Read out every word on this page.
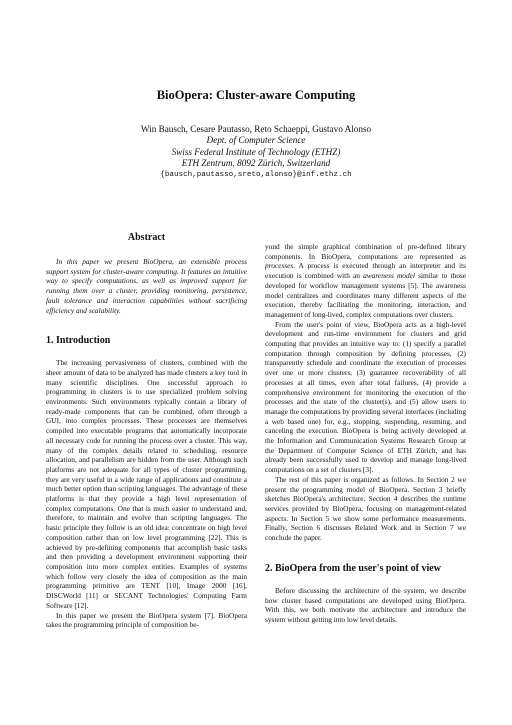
BioOpera: Cluster-aware Computing
Win Bausch, Cesare Pautasso, Reto Schaeppi, Gustavo Alonso
Dept. of Computer Science
Swiss Federal Institute of Technology (ETHZ)
ETH Zentrum, 8092 Zürich, Switzerland
{bausch,pautasso,sreto,alonso}@inf.ethz.ch
Abstract

In this paper we present BioOpera, an extensible process support system for cluster-aware computing. It features an intuitive way to specify computations, as well as improved support for running them over a cluster, providing monitoring, persistence, fault tolerance and interaction capabilities without sacrificing efficiency and scalability.

1. Introduction

The increasing pervasiveness of clusters, combined with the sheer amount of data to be analyzed has made clusters a key tool in many scientific disciplines. One successful approach to programming in clusters is to use specialized problem solving environments. Such environments typically contain a library of ready-made components that can be combined, often through a GUI, into complex processes. These processes are themselves compiled into executable programs that automatically incorporate all necessary code for running the process over a cluster. This way, many of the complex details related to scheduling, resource allocation, and parallelism are hidden from the user. Although such platforms are not adequate for all types of cluster programming, they are very useful in a wide range of applications and constitute a much better option than scripting languages. The advantage of these platforms is that they provide a high level representation of complex computations. One that is much easier to understand and, therefore, to maintain and evolve than scripting languages. The basic principle they follow is an old idea: concentrate on high level composition rather than on low level programming [22]. This is achieved by pre-defining components that accomplish basic tasks and then providing a development environment supporting their composition into more complex entities. Examples of systems which follow very closely the idea of composition as the main programming primitive are TENT [10], Image 2000 [16], DISCWorld [11] or SECANT Technologies' Computing Farm Software [12].

In this paper we present the BioOpera system [7]. BioOpera takes the programming principle of composition be-

yond the simple graphical combination of pre-defined library components. In BioOpera, computations are represented as processes. A process is executed through an interpreter and its execution is combined with an awareness model similar to those developed for workflow management systems [5]. The awareness model centralizes and coordinates many different aspects of the execution, thereby facilitating the monitoring, interaction, and management of long-lived, complex computations over clusters.

From the user's point of view, BioOpera acts as a high-level development and run-time environment for clusters and grid computing that provides an intuitive way to: (1) specify a parallel computation through composition by defining processes, (2) transparently schedule and coordinate the execution of processes over one or more clusters, (3) guarantee recoverability of all processes at all times, even after total failures, (4) provide a comprehensive environment for monitoring the execution of the processes and the state of the cluster(s), and (5) allow users to manage the computations by providing several interfaces (including a web based one) for, e.g., stopping, suspending, resuming, and canceling the execution. BioOpera is being actively developed at the Information and Communication Systems Research Group at the Department of Computer Science of ETH Zürich, and has already been successfully used to develop and manage long-lived computations on a set of clusters [3].

The rest of this paper is organized as follows. In Section 2 we present the programming model of BioOpera. Section 3 briefly sketches BioOpera's architecture. Section 4 describes the runtime services provided by BioOpera, focusing on management-related aspects. In Section 5 we show some performance measurements. Finally, Section 6 discusses Related Work and in Section 7 we conclude the paper.

2. BioOpera from the user's point of view

Before discussing the architecture of the system, we describe how cluster based computations are developed using BioOpera. With this, we both motivate the architecture and introduce the system without getting into low level details.
